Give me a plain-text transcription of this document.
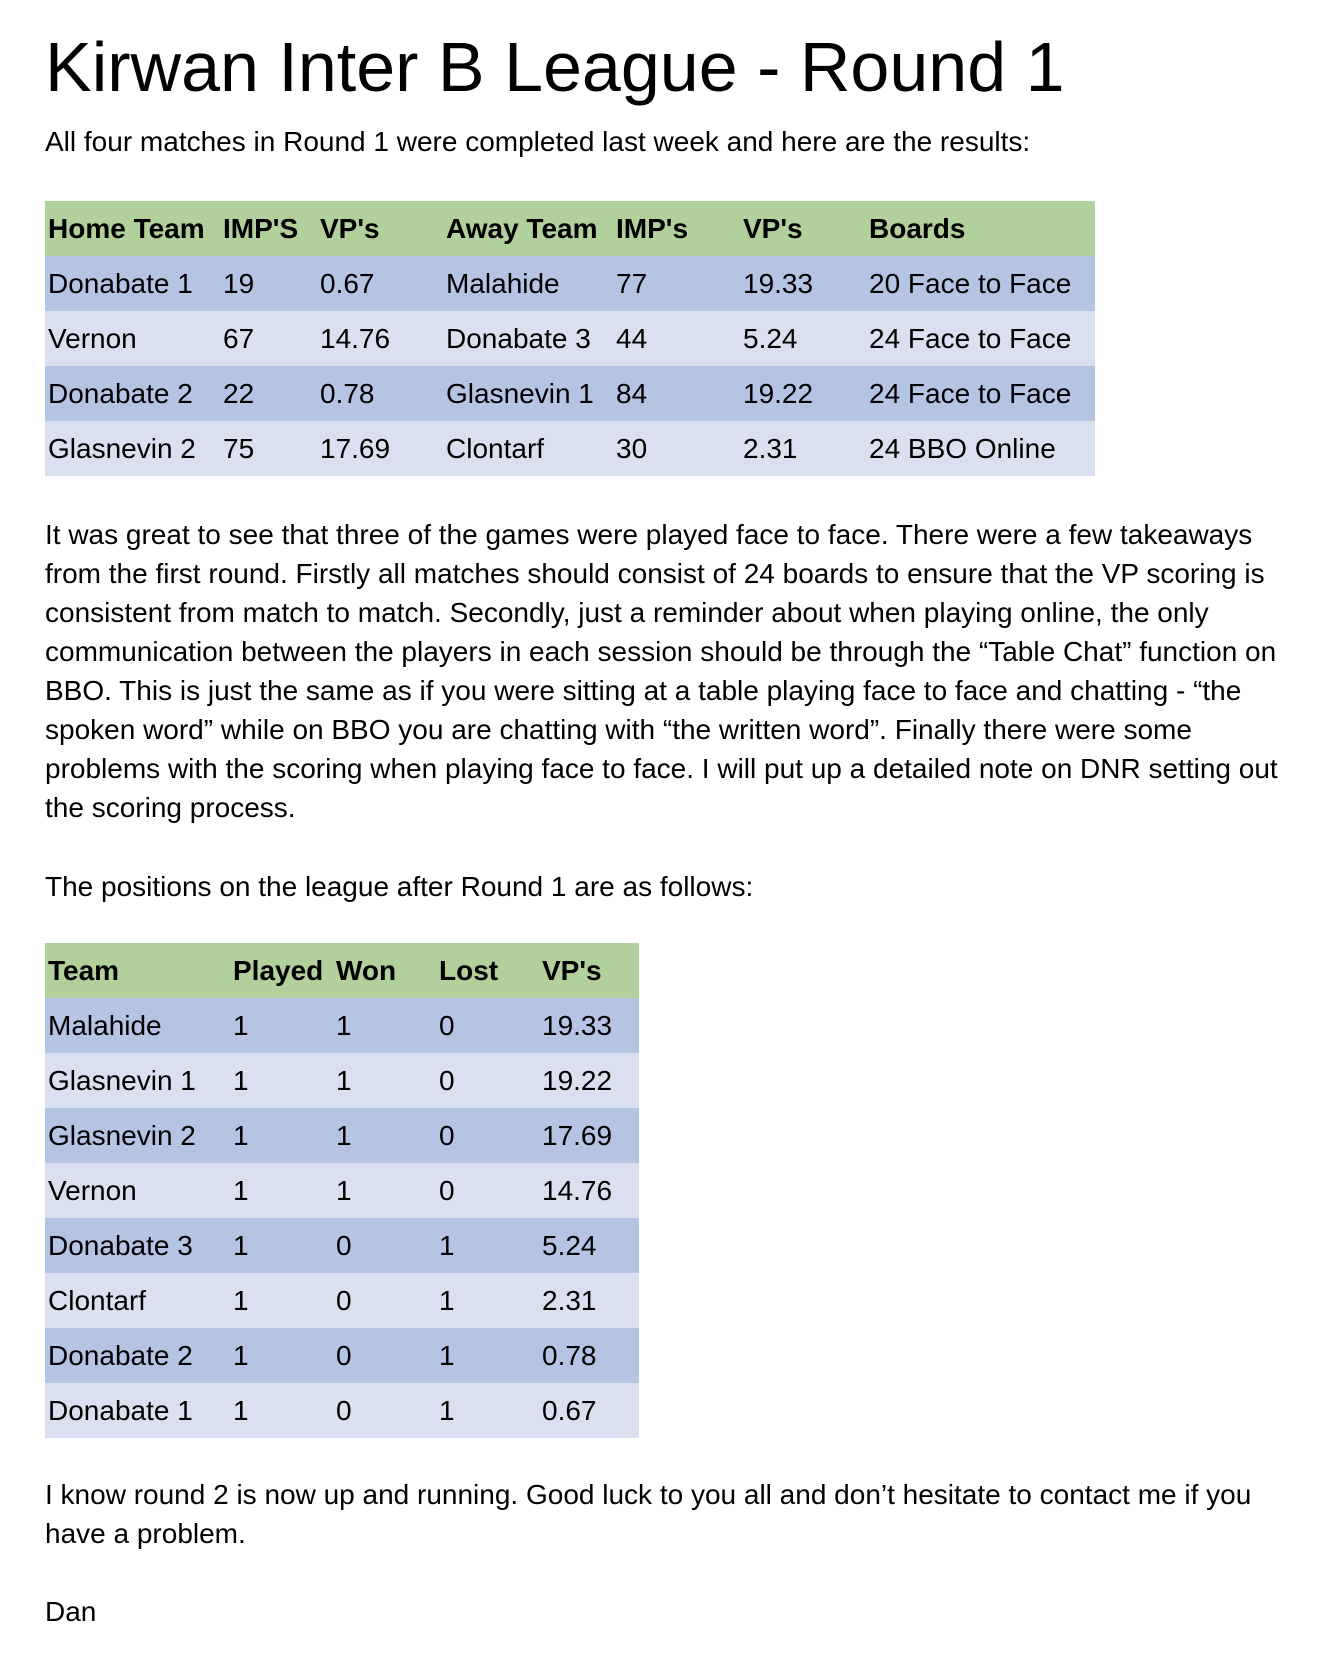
Kirwan Inter B League - Round 1

All four matches in Round 1 were completed last week and here are the results:

Home Team	IMP'S	VP's	Away Team	IMP's	VP's	Boards
Donabate 1	19	0.67	Malahide	77	19.33	20 Face to Face
Vernon	67	14.76	Donabate 3	44	5.24	24 Face to Face
Donabate 2	22	0.78	Glasnevin 1	84	19.22	24 Face to Face
Glasnevin 2	75	17.69	Clontarf	30	2.31	24 BBO Online

It was great to see that three of the games were played face to face. There were a few takeaways from the first round. Firstly all matches should consist of 24 boards to ensure that the VP scoring is consistent from match to match. Secondly, just a reminder about when playing online, the only communication between the players in each session should be through the “Table Chat” function on BBO. This is just the same as if you were sitting at a table playing face to face and chatting - “the spoken word” while on BBO you are chatting with “the written word”. Finally there were some problems with the scoring when playing face to face. I will put up a detailed note on DNR setting out the scoring process.

The positions on the league after Round 1 are as follows:

Team	Played	Won	Lost	VP's
Malahide	1	1	0	19.33
Glasnevin 1	1	1	0	19.22
Glasnevin 2	1	1	0	17.69
Vernon	1	1	0	14.76
Donabate 3	1	0	1	5.24
Clontarf	1	0	1	2.31
Donabate 2	1	0	1	0.78
Donabate 1	1	0	1	0.67

I know round 2 is now up and running. Good luck to you all and don’t hesitate to contact me if you have a problem.

Dan
